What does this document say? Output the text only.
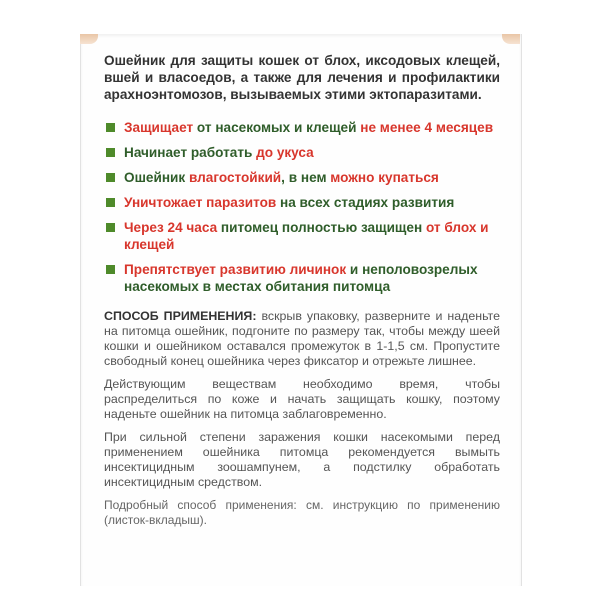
Ошейник для защиты кошек от блох, иксодовых клещей, вшей и власоедов, а также для лечения и профилактики арахноэнтомозов, вызываемых этими эктопаразитами.

Защищает от насекомых и клещей не менее 4 месяцев
Начинает работать до укуса
Ошейник влагостойкий, в нем можно купаться
Уничтожает паразитов на всех стадиях развития
Через 24 часа питомец полностью защищен от блох и клещей
Препятствует развитию личинок и неполовозрелых насекомых в местах обитания питомца

СПОСОБ ПРИМЕНЕНИЯ: вскрыв упаковку, разверните и наденьте на питомца ошейник, подгоните по размеру так, чтобы между шеей кошки и ошейником оставался промежуток в 1-1,5 см. Пропустите свободный конец ошейника через фиксатор и отрежьте лишнее.

Действующим веществам необходимо время, чтобы распределиться по коже и начать защищать кошку, поэтому наденьте ошейник на питомца заблаговременно.

При сильной степени заражения кошки насекомыми перед применением ошейника питомца рекомендуется вымыть инсектицидным зоошампунем, а подстилку обработать инсектицидным средством.

Подробный способ применения: см. инструкцию по применению (листок-вкладыш).
